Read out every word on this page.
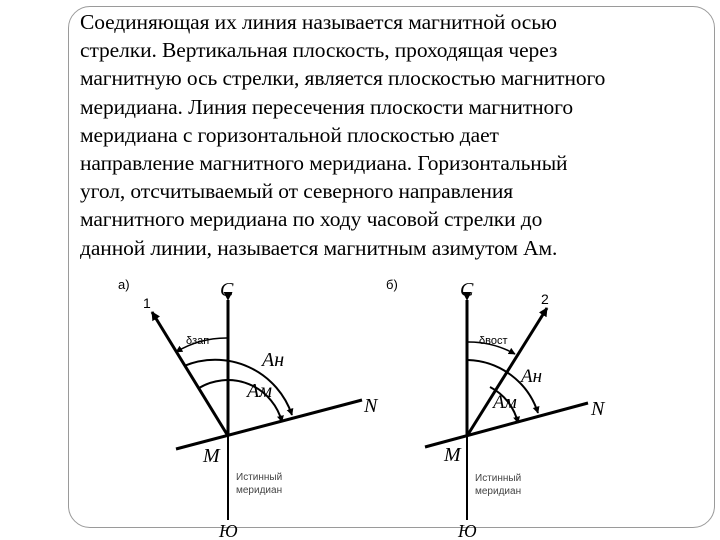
Соединяющая их линия называется магнитной осью
стрелки. Вертикальная плоскость, проходящая через
магнитную ось стрелки, является плоскостью магнитного
меридиана. Линия пересечения плоскости магнитного
меридиана с горизонтальной плоскостью дает
направление магнитного меридиана. Горизонтальный
угол, отсчитываемый от северного направления
магнитного меридиана по ходу часовой стрелки до
данной линии, называется магнитным азимутом Ам.
а)	С
1
δзап
Aн
Aм
N
M
Истинный
меридиан
Ю
б)	С	2
δвост
Aн
Aм	N
M
Истинный
меридиан
Ю
